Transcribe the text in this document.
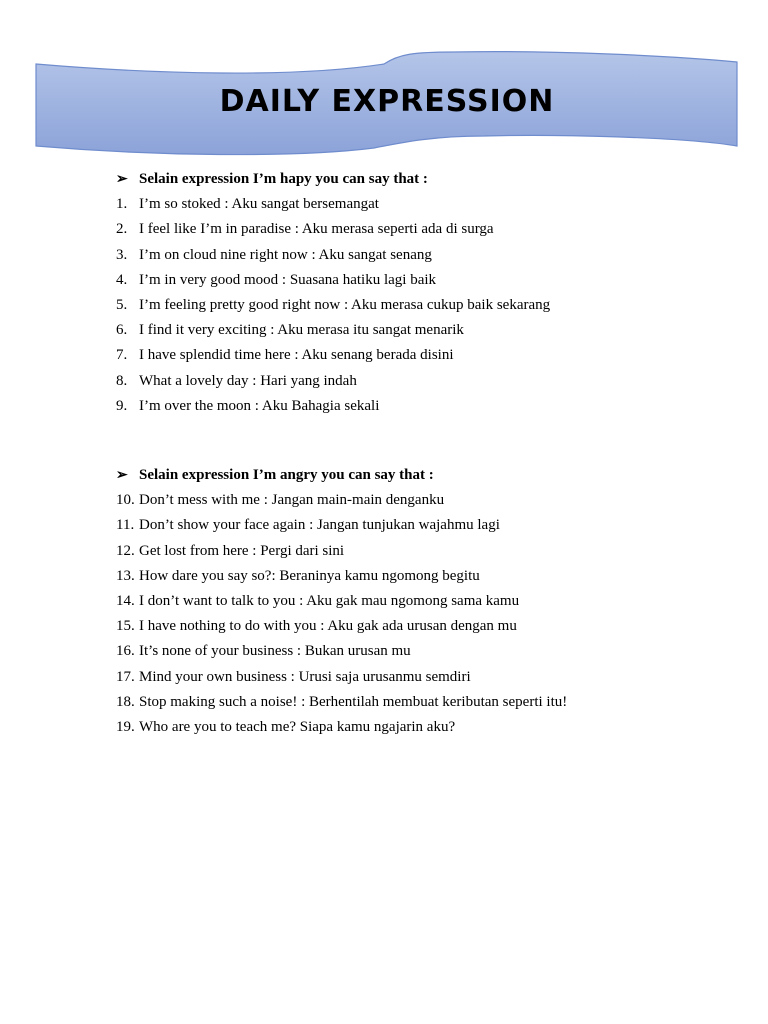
DAILY EXPRESSION
➢ Selain expression I’m hapy you can say that :
1. I’m so stoked : Aku sangat bersemangat
2. I feel like I’m in paradise : Aku merasa seperti ada di surga
3. I’m on cloud nine right now : Aku sangat senang
4. I’m in very good mood : Suasana hatiku lagi baik
5. I’m feeling pretty good right now : Aku merasa cukup baik sekarang
6. I find it very exciting : Aku merasa itu sangat menarik
7. I have splendid time here : Aku senang berada disini
8. What a lovely day : Hari yang indah
9. I’m over the moon : Aku Bahagia sekali
➢ Selain expression I’m angry you can say that :
10. Don’t mess with me : Jangan main-main denganku
11. Don’t show your face again : Jangan tunjukan wajahmu lagi
12. Get lost from here : Pergi dari sini
13. How dare you say so?: Beraninya kamu ngomong begitu
14. I don’t want to talk to you : Aku gak mau ngomong sama kamu
15. I have nothing to do with you : Aku gak ada urusan dengan mu
16. It’s none of your business : Bukan urusan mu
17. Mind your own business : Urusi saja urusanmu semdiri
18. Stop making such a noise! : Berhentilah membuat keributan seperti itu!
19. Who are you to teach me? Siapa kamu ngajarin aku?
